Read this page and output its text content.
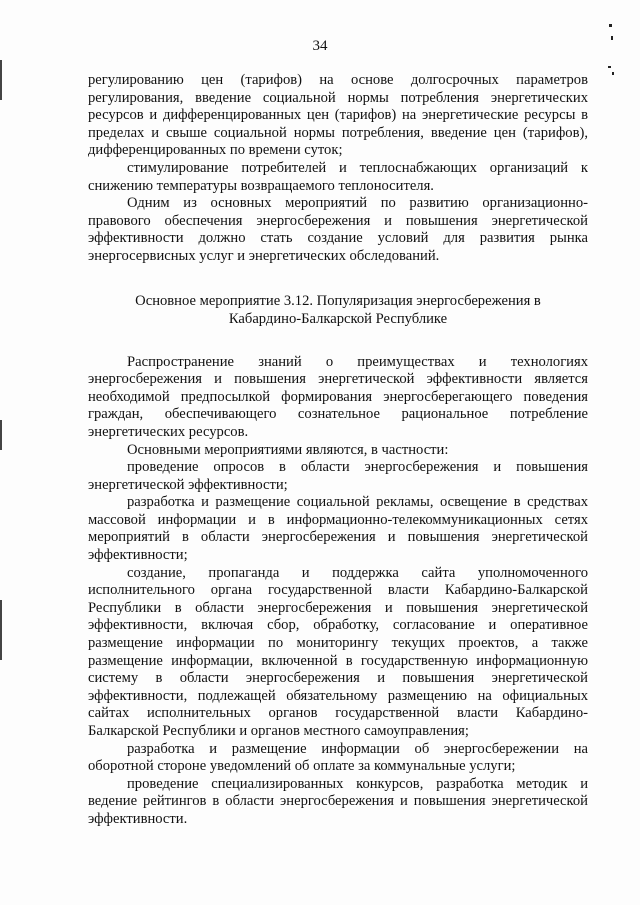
34

регулированию цен (тарифов) на основе долгосрочных параметров регулирования, введение социальной нормы потребления энергетических ресурсов и дифференцированных цен (тарифов) на энергетические ресурсы в пределах и свыше социальной нормы потребления, введение цен (тарифов), дифференцированных по времени суток;

стимулирование потребителей и теплоснабжающих организаций к снижению температуры возвращаемого теплоносителя.

Одним из основных мероприятий по развитию организационно-правового обеспечения энергосбережения и повышения энергетической эффективности должно стать создание условий для развития рынка энергосервисных услуг и энергетических обследований.

Основное мероприятие 3.12. Популяризация энергосбережения в
Кабардино-Балкарской Республике

Распространение знаний о преимуществах и технологиях энергосбережения и повышения энергетической эффективности является необходимой предпосылкой формирования энергосберегающего поведения граждан, обеспечивающего сознательное рациональное потребление энергетических ресурсов.

Основными мероприятиями являются, в частности:

проведение опросов в области энергосбережения и повышения энергетической эффективности;

разработка и размещение социальной рекламы, освещение в средствах массовой информации и в информационно-телекоммуникационных сетях мероприятий в области энергосбережения и повышения энергетической эффективности;

создание, пропаганда и поддержка сайта уполномоченного исполнительного органа государственной власти Кабардино-Балкарской Республики в области энергосбережения и повышения энергетической эффективности, включая сбор, обработку, согласование и оперативное размещение информации по мониторингу текущих проектов, а также размещение информации, включенной в государственную информационную систему в области энергосбережения и повышения энергетической эффективности, подлежащей обязательному размещению на официальных сайтах исполнительных органов государственной власти Кабардино-Балкарской Республики и органов местного самоуправления;

разработка и размещение информации об энергосбережении на оборотной стороне уведомлений об оплате за коммунальные услуги;

проведение специализированных конкурсов, разработка методик и ведение рейтингов в области энергосбережения и повышения энергетической эффективности.
